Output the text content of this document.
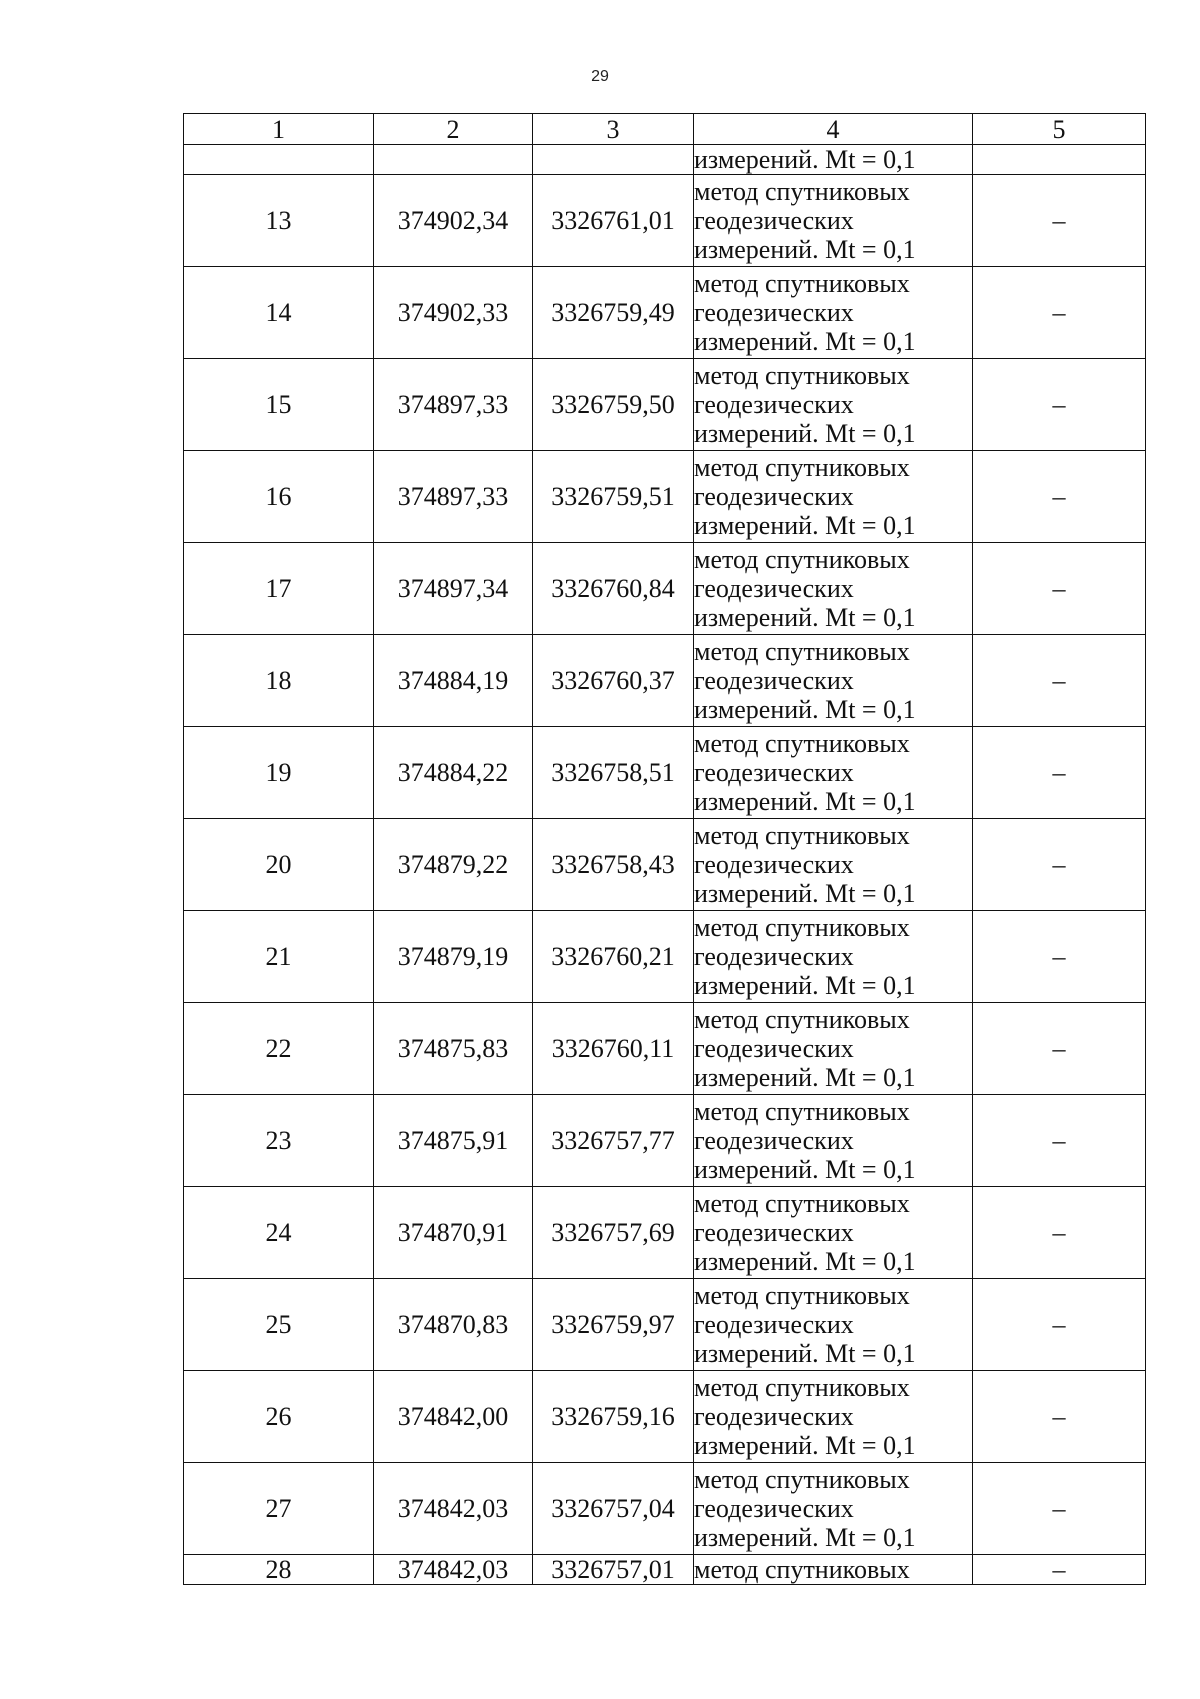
29
1	2	3	4	5
			измерений. Mt = 0,1	
13	374902,34	3326761,01	метод спутниковых
геодезических
измерений. Mt = 0,1	–
14	374902,33	3326759,49	метод спутниковых
геодезических
измерений. Mt = 0,1	–
15	374897,33	3326759,50	метод спутниковых
геодезических
измерений. Mt = 0,1	–
16	374897,33	3326759,51	метод спутниковых
геодезических
измерений. Mt = 0,1	–
17	374897,34	3326760,84	метод спутниковых
геодезических
измерений. Mt = 0,1	–
18	374884,19	3326760,37	метод спутниковых
геодезических
измерений. Mt = 0,1	–
19	374884,22	3326758,51	метод спутниковых
геодезических
измерений. Mt = 0,1	–
20	374879,22	3326758,43	метод спутниковых
геодезических
измерений. Mt = 0,1	–
21	374879,19	3326760,21	метод спутниковых
геодезических
измерений. Mt = 0,1	–
22	374875,83	3326760,11	метод спутниковых
геодезических
измерений. Mt = 0,1	–
23	374875,91	3326757,77	метод спутниковых
геодезических
измерений. Mt = 0,1	–
24	374870,91	3326757,69	метод спутниковых
геодезических
измерений. Mt = 0,1	–
25	374870,83	3326759,97	метод спутниковых
геодезических
измерений. Mt = 0,1	–
26	374842,00	3326759,16	метод спутниковых
геодезических
измерений. Mt = 0,1	–
27	374842,03	3326757,04	метод спутниковых
геодезических
измерений. Mt = 0,1	–
28	374842,03	3326757,01	метод спутниковых	–
